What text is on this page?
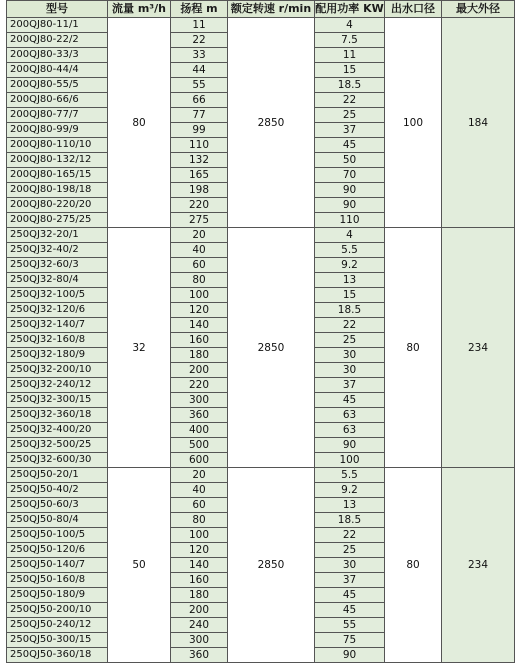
型号	流量 m³/h	扬程 m	额定转速 r/min	配用功率 KW	出水口径	最大外径
200QJ80-11/1	80	11	2850	4	100	184
200QJ80-22/2		22		7.5		
200QJ80-33/3		33		11		
200QJ80-44/4		44		15		
200QJ80-55/5		55		18.5		
200QJ80-66/6		66		22		
200QJ80-77/7		77		25		
200QJ80-99/9		99		37		
200QJ80-110/10		110		45		
200QJ80-132/12		132		50		
200QJ80-165/15		165		70		
200QJ80-198/18		198		90		
200QJ80-220/20		220		90		
200QJ80-275/25		275		110		
250QJ32-20/1	32	20	2850	4	80	234
250QJ32-40/2		40		5.5		
250QJ32-60/3		60		9.2		
250QJ32-80/4		80		13		
250QJ32-100/5		100		15		
250QJ32-120/6		120		18.5		
250QJ32-140/7		140		22		
250QJ32-160/8		160		25		
250QJ32-180/9		180		30		
250QJ32-200/10		200		30		
250QJ32-240/12		220		37		
250QJ32-300/15		300		45		
250QJ32-360/18		360		63		
250QJ32-400/20		400		63		
250QJ32-500/25		500		90		
250QJ32-600/30		600		100		
250QJ50-20/1	50	20	2850	5.5	80	234
250QJ50-40/2		40		9.2		
250QJ50-60/3		60		13		
250QJ50-80/4		80		18.5		
250QJ50-100/5		100		22		
250QJ50-120/6		120		25		
250QJ50-140/7		140		30		
250QJ50-160/8		160		37		
250QJ50-180/9		180		45		
250QJ50-200/10		200		45		
250QJ50-240/12		240		55		
250QJ50-300/15		300		75		
250QJ50-360/18		360		90		
